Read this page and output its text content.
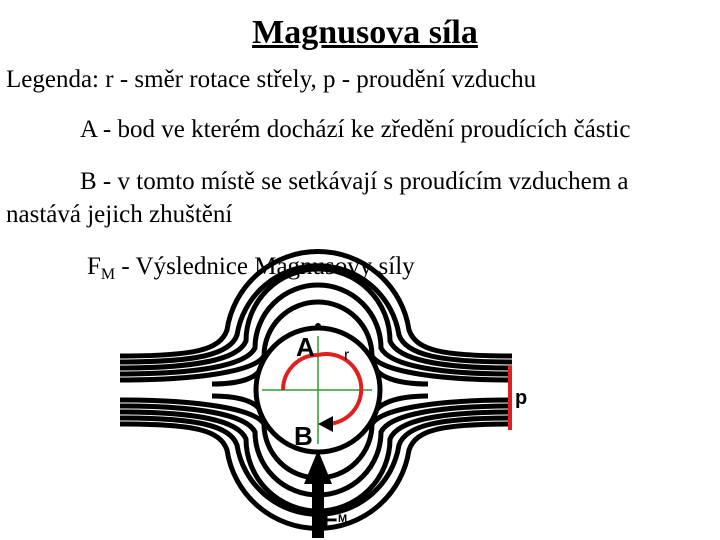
Magnusova síla
Legenda: r - směr rotace střely, p - proudění vzduchu
A - bod ve kterém dochází ke zředění proudících částic
B - v tomto místě se setkávají s proudícím vzduchem a
nastává jejich zhuštění
$F_M$ - Výslednice Magnusovy síly
A
B
r
p
F M
